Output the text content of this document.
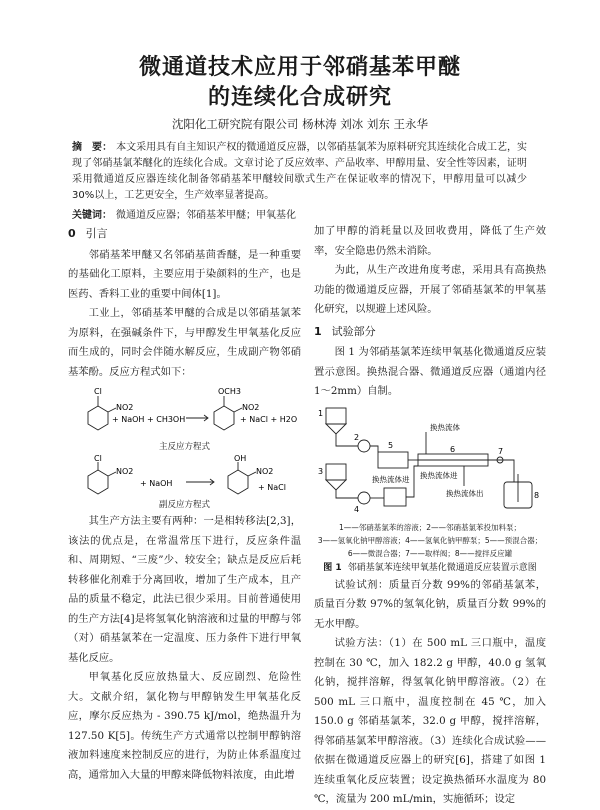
微通道技术应用于邻硝基苯甲醚
的连续化合成研究
沈阳化工研究院有限公司 杨林涛 刘冰 刘东 王永华
摘　要： 本文采用具有自主知识产权的微通道反应器，以邻硝基氯苯为原料研究其连续化合成工艺，实现了邻硝基氯苯醚化的连续化合成。文章讨论了反应效率、产品收率、甲醇用量、安全性等因素，证明采用微通道反应器连续化制备邻硝基苯甲醚较间歇式生产在保证收率的情况下，甲醇用量可以减少 30%以上，工艺更安全，生产效率显著提高。
关键词： 微通道反应器；邻硝基苯甲醚；甲氧基化
0 引言

邻硝基苯甲醚又名邻硝基茴香醚，是一种重要的基础化工原料，主要应用于染颜料的生产，也是医药、香料工业的重要中间体[1]。

工业上，邻硝基苯甲醚的合成是以邻硝基氯苯为原料，在强碱条件下，与甲醇发生甲氧基化反应而生成的，同时会伴随水解反应，生成副产物邻硝基苯酚。反应方程式如下：

Cl
NO2
+ NaOH + CH3OH
OCH3
NO2
+ NaCl + H2O
主反应方程式
Cl
NO2
+ NaOH
OH
NO2
+ NaCl
副反应方程式

其生产方法主要有两种：一是相转移法[2,3]，该法的优点是，在常温常压下进行，反应条件温和、周期短、“三废”少、较安全；缺点是反应后耗转移催化剂难于分离回收，增加了生产成本，且产品的质量不稳定，此法已很少采用。目前普通使用的生产方法[4]是将氢氧化钠溶液和过量的甲醇与邻（对）硝基氯苯在一定温度、压力条件下进行甲氧基化反应。

甲氧基化反应放热量大、反应剧烈、危险性大。文献介绍，氯化物与甲醇钠发生甲氧基化反应，摩尔反应热为 - 390.75 kJ/mol，绝热温升为 127.50 K[5]。传统生产方式通常以控制甲醇钠溶液加料速度来控制反应的进行，为防止体系温度过高，通常加入大量的甲醇来降低物料浓度，由此增

加了甲醇的消耗量以及回收费用，降低了生产效率，安全隐患仍然未消除。

为此，从生产改进角度考虑，采用具有高换热功能的微通道反应器，开展了邻硝基氯苯的甲氧基化研究，以规避上述风险。

1 试验部分

图 1 为邻硝基氯苯连续甲氧基化微通道反应装置示意图。换热混合器、微通道反应器（通道内径 1～2mm）自制。

1
2
3
4
5	6	7
8
换热流体
换热流体进 换热流体进
换热流体出
1——邻硝基氯苯的溶液；2——邻硝基氯苯投加料泵；
3——氢氧化钠甲醇溶液；4——氢氧化钠甲醇泵；5——预混合器；
6——微混合器；7——取样阀；8——搅拌反应罐
图 1 邻硝基氯苯连续甲氧基化微通道反应装置示意图

试验试剂：质量百分数 99%的邻硝基氯苯，质量百分数 97%的氢氧化钠，质量百分数 99%的无水甲醇。

试验方法：（1）在 500 mL 三口瓶中，温度控制在 30 ℃，加入 182.2 g 甲醇，40.0 g 氢氧化钠，搅拌溶解，得氢氧化钠甲醇溶液。（2）在 500 mL 三口瓶中，温度控制在 45 ℃，加入 150.0 g 邻硝基氯苯，32.0 g 甲醇，搅拌溶解，得邻硝基氯苯甲醇溶液。（3）连续化合成试验——依据在微通道反应器上的研究[6]，搭建了如图 1 连续重氧化反应装置；设定换热循环水温度为 80 ℃，流量为 200 mL/min，实施循环；设定
